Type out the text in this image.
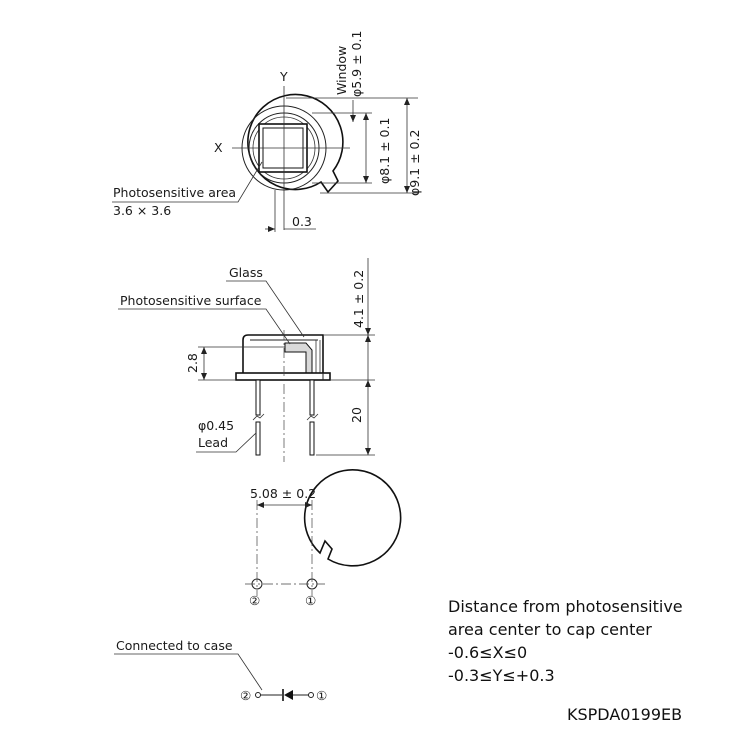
Y
X
Photosensitive area
3.6 × 3.6
0.3
Window φ5.9 ± 0.1
φ8.1 ± 0.1 φ9.1 ± 0.2
2.8
4.1 ± 0.2
20
Glass
Photosensitive surface
φ0.45
Lead
5.08 ± 0.2
②	①
Connected to case
②	①
Distance from photosensitive
area center to cap center
-0.6≤X≤0
-0.3≤Y≤+0.3
KSPDA0199EB
